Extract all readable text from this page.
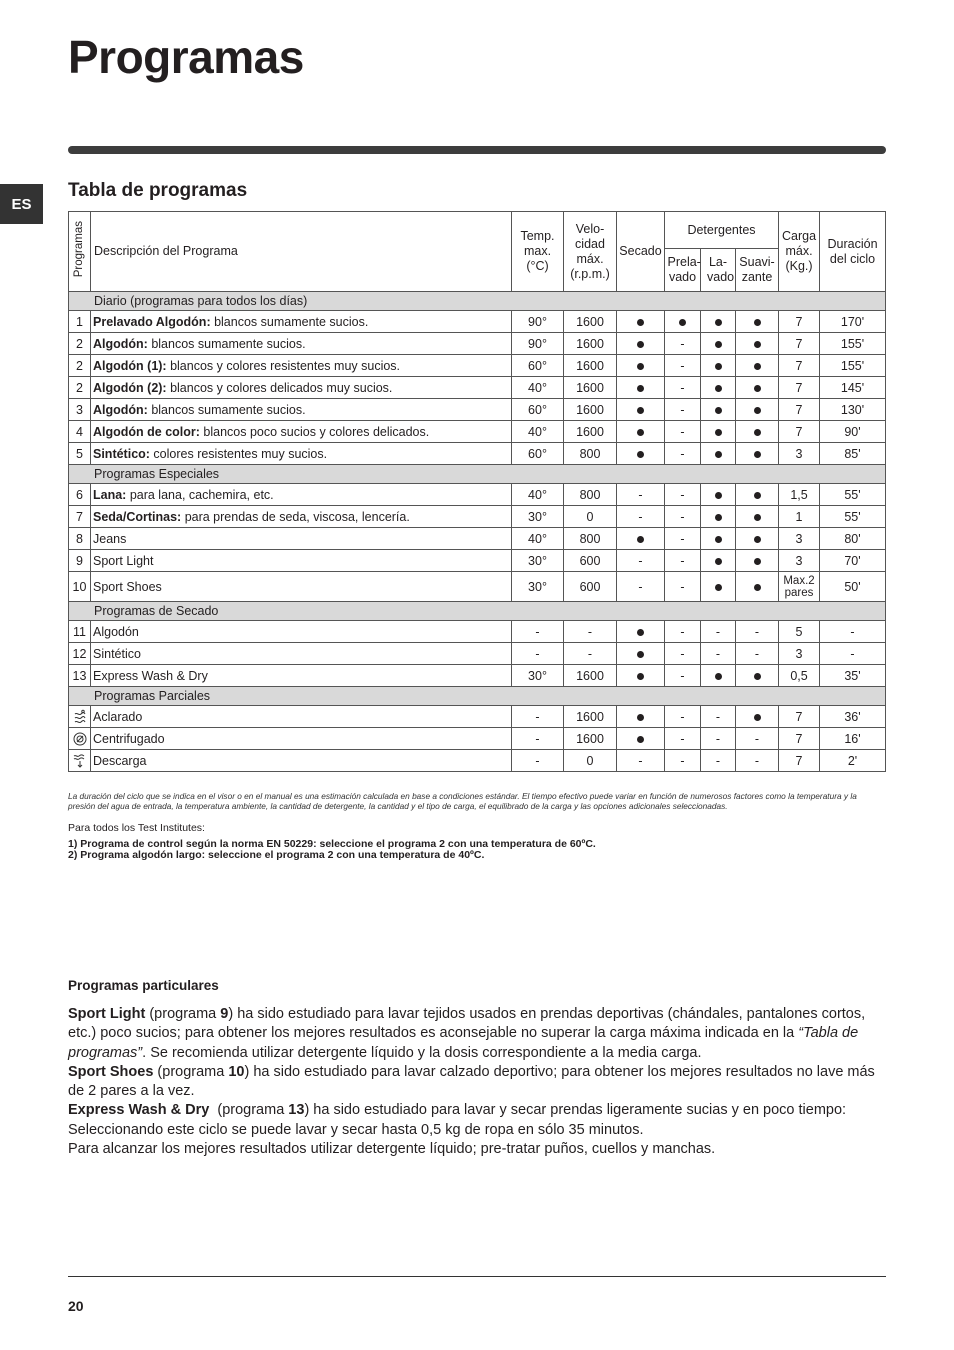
Programas
ES
Tabla de programas
Programas	Descripción del Programa	Temp. max. (°C)	Velo-cidad máx. (r.p.m.)	Secado	Detergentes			Carga máx. (Kg.)	Duración del ciclo
					Prela-vado	La-vado	Suavi-zante		
Diario (programas para todos los días)									
1	Prelavado Algodón: blancos sumamente sucios.	90°	1600					7	170'
2	Algodón: blancos sumamente sucios.	90°	1600		-			7	155'
2	Algodón (1): blancos y colores resistentes muy sucios.	60°	1600		-			7	155'
2	Algodón (2): blancos y colores delicados muy sucios.	40°	1600		-			7	145'
3	Algodón: blancos sumamente sucios.	60°	1600		-			7	130'
4	Algodón de color: blancos poco sucios y colores delicados.	40°	1600		-			7	90'
5	Sintético: colores resistentes muy sucios.	60°	800		-			3	85'
Programas Especiales									
6	Lana: para lana, cachemira, etc.	40°	800	-	-			1,5	55'
7	Seda/Cortinas: para prendas de seda, viscosa, lencería.	30°	0	-	-			1	55'
8	Jeans	40°	800		-			3	80'
9	Sport Light	30°	600	-	-			3	70'
10	Sport Shoes	30°	600	-	-			Max.2 pares	50'
Programas de Secado									
11	Algodón	-	-		-	-	-	5	-
12	Sintético	-	-		-	-	-	3	-
13	Express Wash & Dry	30°	1600		-			0,5	35'
Programas Parciales									

	Aclarado	-	1600		-	-		7	36'

	Centrifugado	-	1600		-	-	-	7	16'

	Descarga	-	0	-	-	-	-	7	2'

La duración del ciclo que se indica en el visor o en el manual es una estimación calculada en base a condiciones estándar. El tiempo efectivo puede variar en función de numerosos factores como la temperatura y la presión del agua de entrada, la temperatura ambiente, la cantidad de detergente, la cantidad y el tipo de carga, el equilibrado de la carga y las opciones adicionales seleccionadas.

Para todos los Test Institutes:
1) Programa de control según la norma EN 50229: seleccione el programa 2 con una temperatura de 60ºC.
2) Programa algodón largo: seleccione el programa 2 con una temperatura de 40ºC.
Programas particulares

Sport Light (programa 9) ha sido estudiado para lavar tejidos usados en prendas deportivas (chándales, pantalones cortos, etc.) poco sucios; para obtener los mejores resultados es aconsejable no superar la carga máxima indicada en la “Tabla de programas”. Se recomienda utilizar detergente líquido y la dosis correspondiente a la media carga.

Sport Shoes (programa 10) ha sido estudiado para lavar calzado deportivo; para obtener los mejores resultados no lave más de 2 pares a la vez.

Express Wash & Dry  (programa 13) ha sido estudiado para lavar y secar prendas ligeramente sucias y en poco tiempo: Seleccionando este ciclo se puede lavar y secar hasta 0,5 kg de ropa en sólo 35 minutos.

Para alcanzar los mejores resultados utilizar detergente líquido; pre-tratar puños, cuellos y manchas.

20
